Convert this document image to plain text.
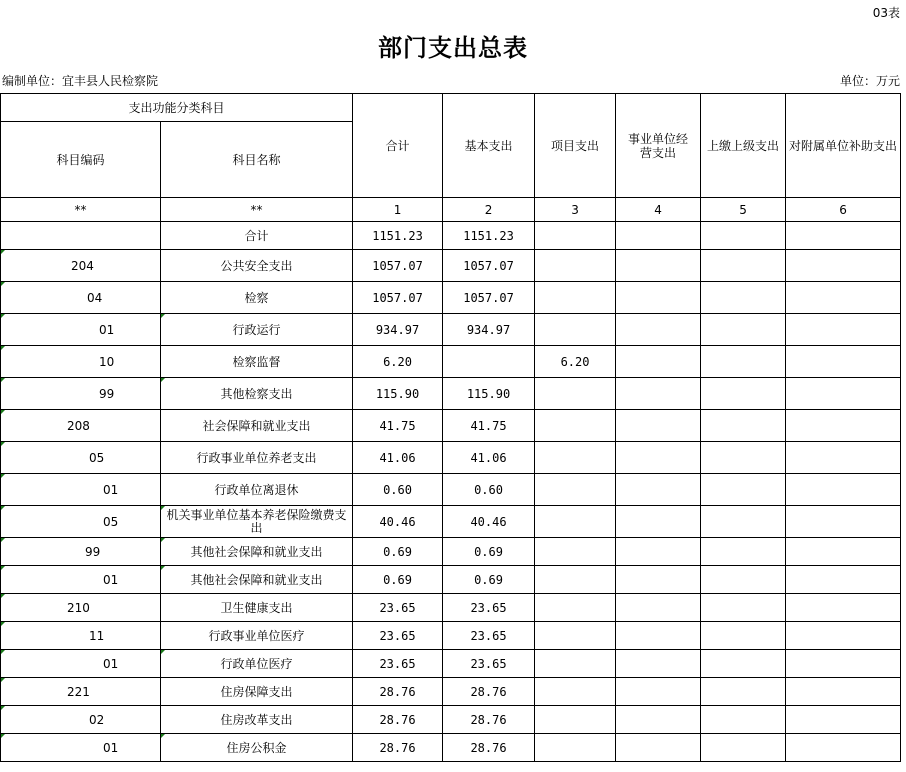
03表
部门支出总表
编制单位：宜丰县人民检察院	单位：万元
支出功能分类科目		合计	基本支出	项目支出	事业单位经营支出	上缴上级支出	对附属单位补助支出
科目编码	科目名称						
**	**	1	2	3	4	5	6
	合计	1151.23	1151.23				
204	公共安全支出	1057.07	1057.07				
04	检察	1057.07	1057.07				
01	行政运行	934.97	934.97				
10	检察监督	6.20		6.20			
99	其他检察支出	115.90	115.90				
208	社会保障和就业支出	41.75	41.75				
05	行政事业单位养老支出	41.06	41.06				
01	行政单位离退休	0.60	0.60				
05	机关事业单位基本养老保险缴费支出	40.46	40.46				
99	其他社会保障和就业支出	0.69	0.69				
01	其他社会保障和就业支出	0.69	0.69				
210	卫生健康支出	23.65	23.65				
11	行政事业单位医疗	23.65	23.65				
01	行政单位医疗	23.65	23.65				
221	住房保障支出	28.76	28.76				
02	住房改革支出	28.76	28.76				
01	住房公积金	28.76	28.76				
